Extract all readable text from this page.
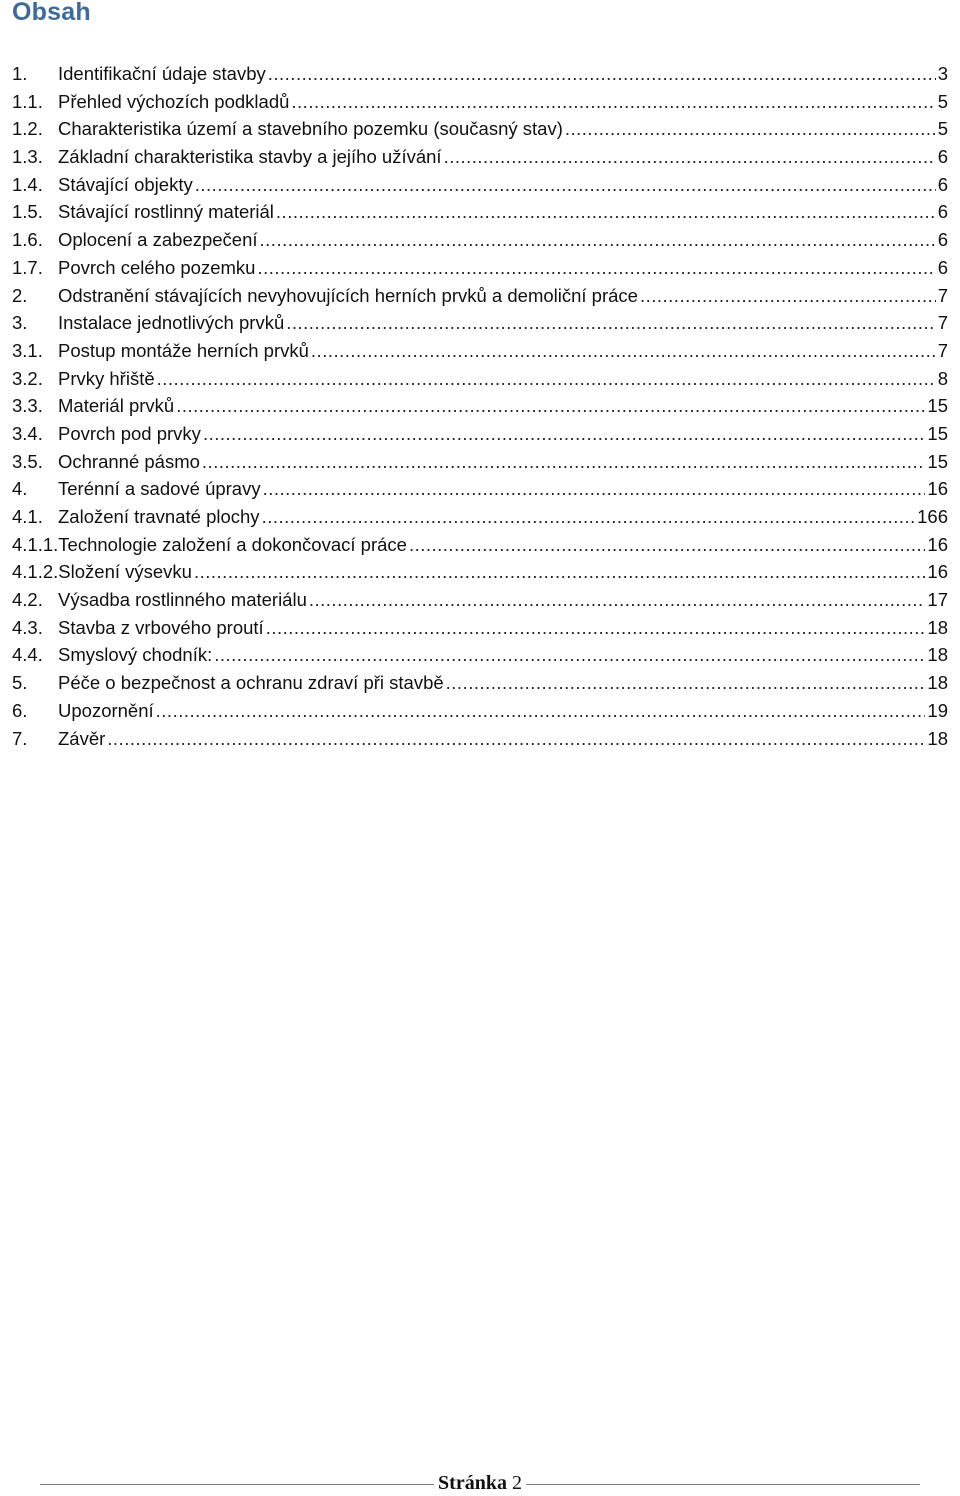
Obsah
1.	Identifikační údaje stavby .....	3
1.1. Přehled výchozích podkladů .....	5
1.2. Charakteristika území a stavebního pozemku (současný stav) .....	5
1.3. Základní charakteristika stavby a jejího užívání .....	6
1.4. Stávající objekty .....	6
1.5. Stávající rostlinný materiál .....	6
1.6. Oplocení a zabezpečení .....	6
1.7. Povrch celého pozemku .....	6
2.	Odstranění stávajících nevyhovujících herních prvků a demoliční práce .....	7
3.	Instalace jednotlivých prvků .....	7
3.1. Postup montáže herních prvků .....	7
3.2. Prvky hřiště .....	8
3.3. Materiál prvků .....	15
3.4. Povrch pod prvky .....	15
3.5. Ochranné pásmo .....	15
4.	Terénní a sadové úpravy .....	16
4.1. Založení travnaté plochy .....	166
4.1.1. Technologie založení a dokončovací práce .....	16
4.1.2. Složení výsevku .....	16
4.2. Výsadba rostlinného materiálu .....	17
4.3. Stavba z vrbového proutí .....	18
4.4. Smyslový chodník: .....	18
5.	Péče o bezpečnost a ochranu zdraví při stavbě .....	18
6.	Upozornění .....	19
7.	Závěr .....	18
Stránka 2
